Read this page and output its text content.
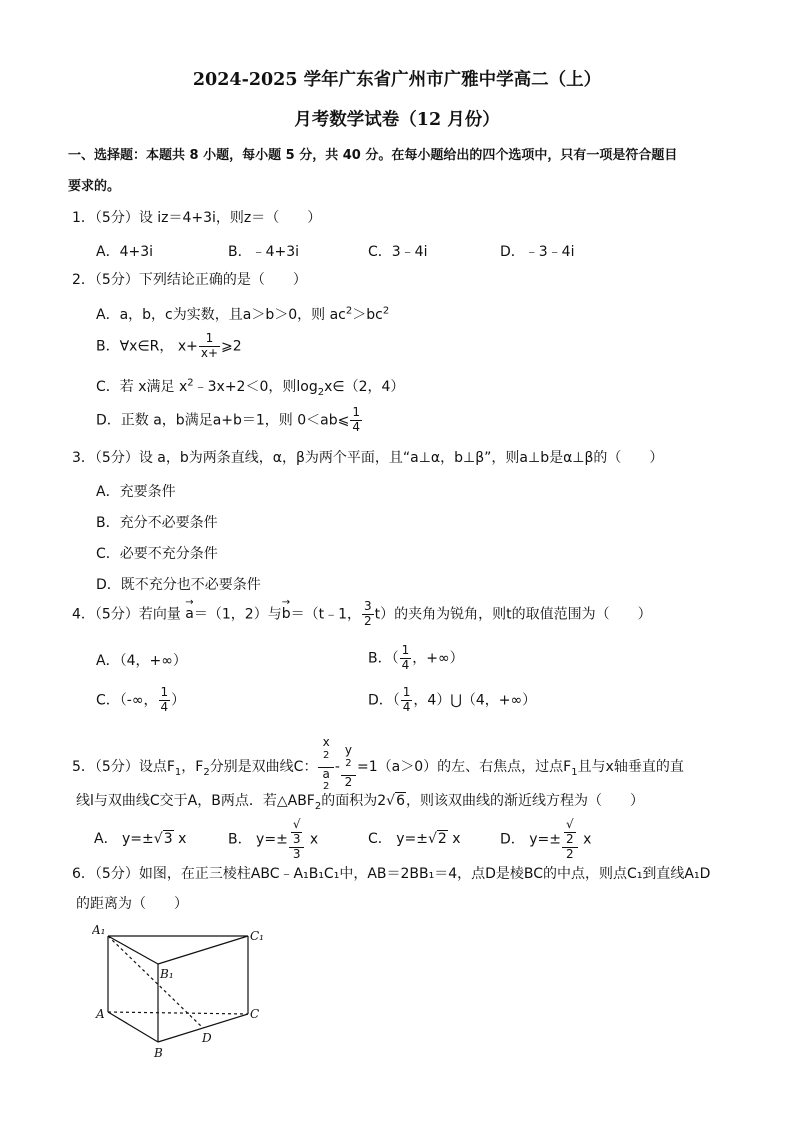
2024-2025 学年广东省广州市广雅中学高二（上）
月考数学试卷（12 月份）
一、选择题：本题共 8 小题，每小题 5 分，共 40 分。在每小题给出的四个选项中，只有一项是符合题目
要求的。
1．（5分）设 iz＝4+3i，则z＝（　　）
A．4+3i	B．﹣4+3i	C．3﹣4i	D．﹣3﹣4i
2．（5分）下列结论正确的是（　　）
A．a，b，c为实数，且a＞b＞0，则 $ac^2>bc^2$
B．∀x∈R， $x+ \frac{1}{x+}$ ⩾2
C．若 x满足 $x^2﹣3x+2<0$，则$\log_2x\in(2$，4）
D．正数 a，b满足a+b＝1，则 0＜ab⩽ $\frac{1}{4}$
3．（5分）设 a，b为两条直线，α，β为两个平面，且“a⊥α，b⊥β”，则a⊥b是α⊥β的（　　）
A．充要条件
B．充分不必要条件
C．必要不充分条件
D．既不充分也不必要条件
4．（5分）若向量
→
a＝（1，2）与
→
b＝（t﹣1， $\frac{3}{2} t$）的夹角为锐角，则t的取值范围为（　　）
A．（4，+∞）	B．（ $\frac{1}{4}$ ，+∞）
C．（-∞， $\frac{1}{4}$ ）	D．（ $\frac{1}{4}$ ，4）⋃（4，+∞）
5．（5分）设点$F_1$，$F_2$分别是双曲线C： x
$^2$
a
$^2$ - y
$^2$
2 =1（a＞0）的左、右焦点，过点$F_1$且与x轴垂直的直
线l与双曲线C交于A，B两点．若$\triangle ABF_2$的面积为2√6，则该双曲线的渐近线方程为（　　）
A． y=±√3 x	B． y=± √
3
3 x	C． y=±√2 x	D． y=± √
2
2 x
6．（5分）如图，在正三棱柱ABC﹣A₁B₁C₁中，AB＝2BB₁＝4，点D是棱BC的中点，则点C₁到直线A₁D
的距离为（　　）
A₁	C₁
B₁
A	C
B
D
